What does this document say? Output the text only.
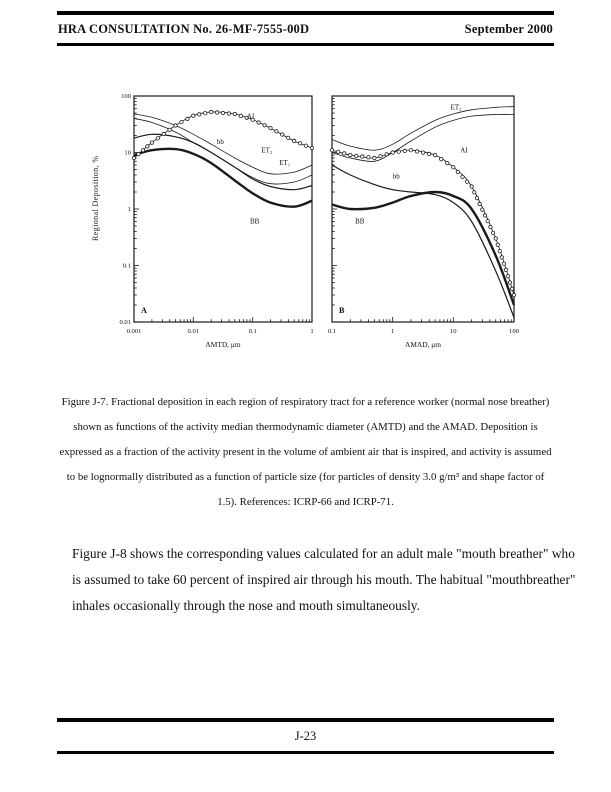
HRA CONSULTATION No. 26-MF-7555-00D	September 2000
Regional Deposition, %
0.001	0.01	0.1	1
100
10
1
0.1
0.01
AMTD, μm
A
ET₂
ET₁
bb
BB
AI
0.1	1	10	100
AMAD, μm
B
ET₂
bb
BB
AI
Figure J-7. Fractional deposition in each region of respiratory tract for a reference worker (normal nose breather)
shown as functions of the activity median thermodynamic diameter (AMTD) and the AMAD. Deposition is
expressed as a fraction of the activity present in the volume of ambient air that is inspired, and activity is assumed
to be lognormally distributed as a function of particle size (for particles of density 3.0 g/m³ and shape factor of
1.5). References: ICRP-66 and ICRP-71.
Figure J-8 shows the corresponding values calculated for an adult male "mouth breather" who
is assumed to take 60 percent of inspired air through his mouth. The habitual "mouthbreather"
inhales occasionally through the nose and mouth simultaneously.
J-23
